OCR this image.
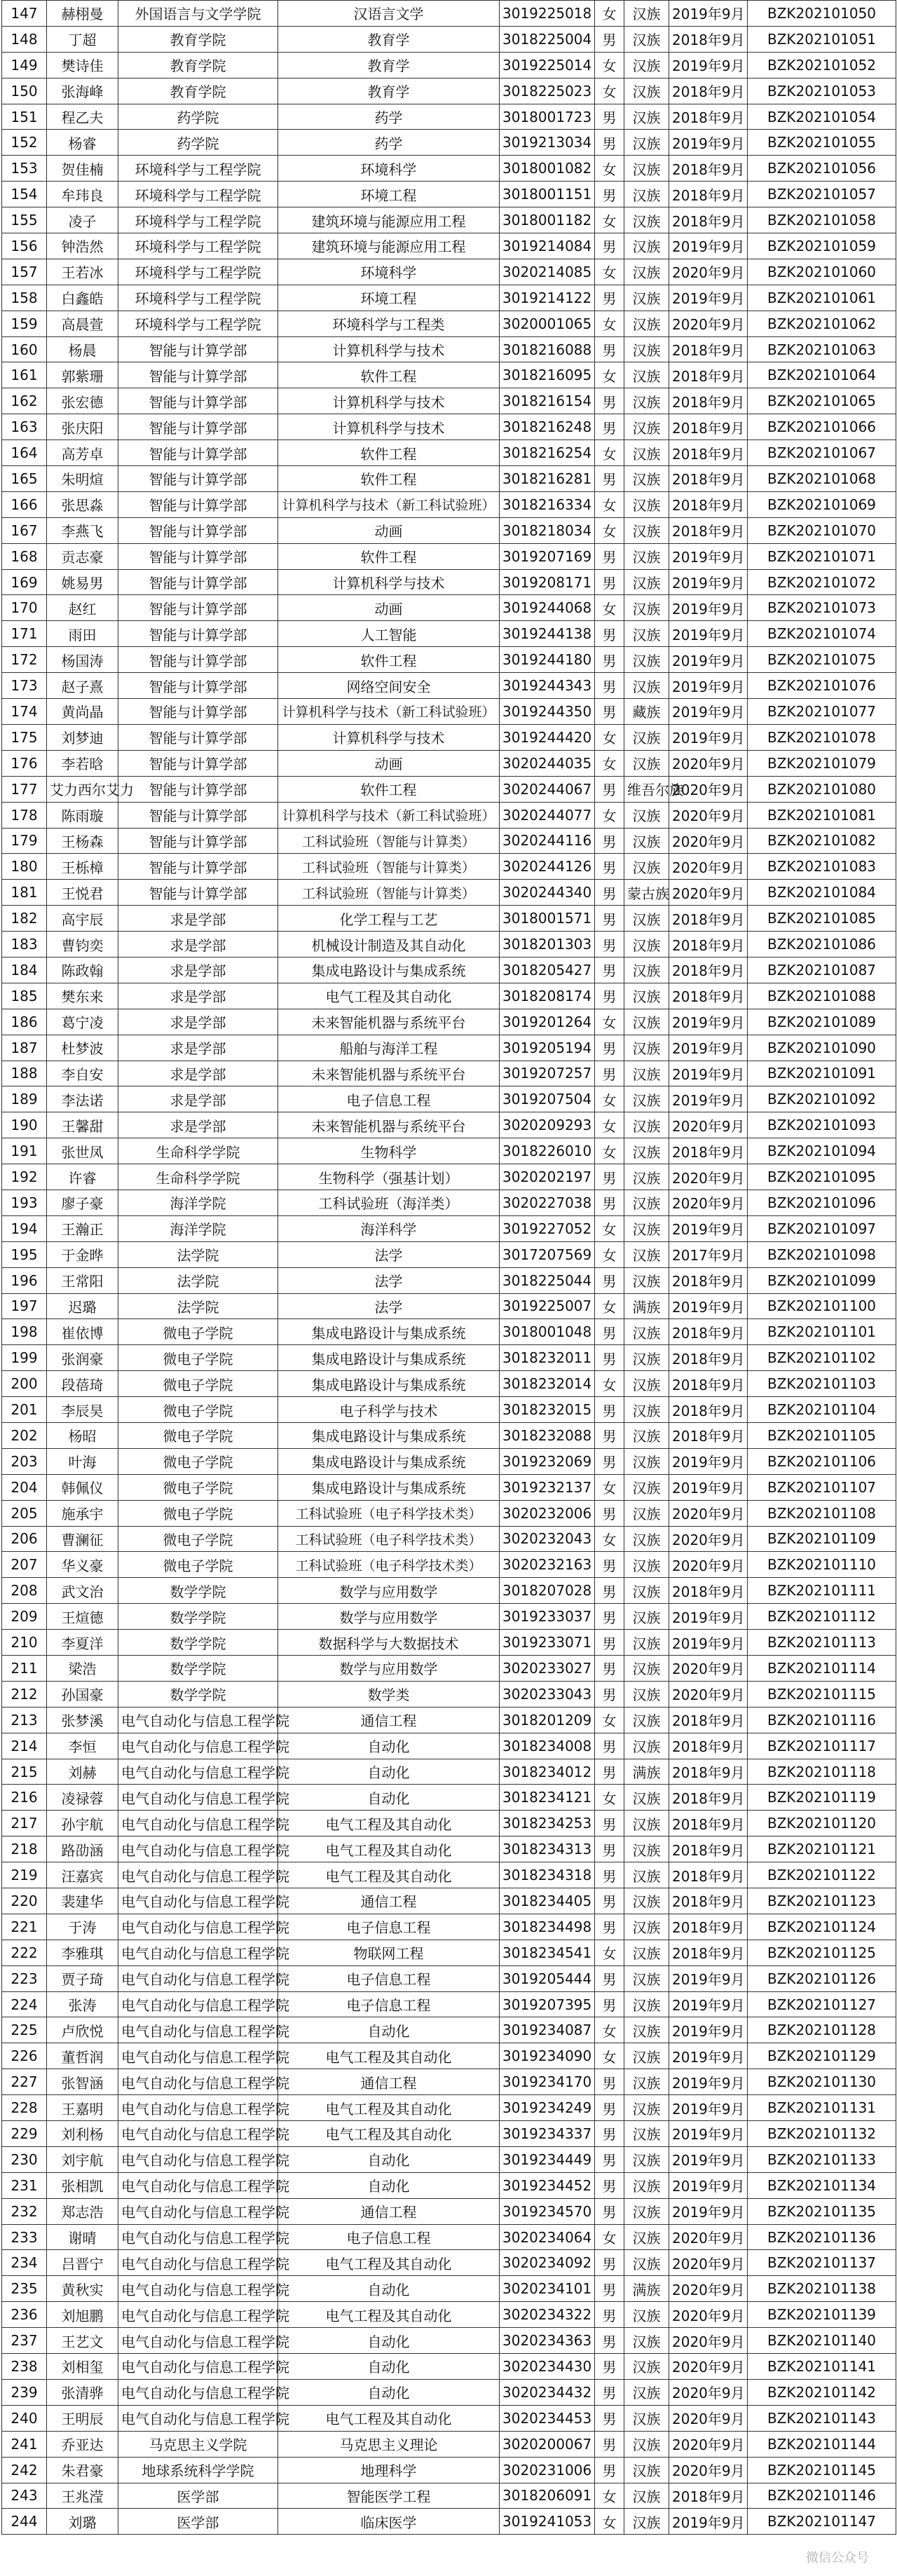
147	赫栩曼	外国语言与文学学院	汉语言文学	3019225018	女	汉族	2019年9月	BZK202101050
148	丁超	教育学院	教育学	3018225004	男	汉族	2018年9月	BZK202101051
149	樊诗佳	教育学院	教育学	3019225014	女	汉族	2019年9月	BZK202101052
150	张海峰	教育学院	教育学	3018225023	女	汉族	2018年9月	BZK202101053
151	程乙夫	药学院	药学	3018001723	男	汉族	2018年9月	BZK202101054
152	杨睿	药学院	药学	3019213034	男	汉族	2019年9月	BZK202101055
153	贺佳楠	环境科学与工程学院	环境科学	3018001082	女	汉族	2018年9月	BZK202101056
154	牟玮良	环境科学与工程学院	环境工程	3018001151	男	汉族	2018年9月	BZK202101057
155	凌子	环境科学与工程学院	建筑环境与能源应用工程	3018001182	女	汉族	2018年9月	BZK202101058
156	钟浩然	环境科学与工程学院	建筑环境与能源应用工程	3019214084	男	汉族	2019年9月	BZK202101059
157	王若冰	环境科学与工程学院	环境科学	3020214085	女	汉族	2020年9月	BZK202101060
158	白鑫皓	环境科学与工程学院	环境工程	3019214122	男	汉族	2019年9月	BZK202101061
159	高晨萱	环境科学与工程学院	环境科学与工程类	3020001065	女	汉族	2020年9月	BZK202101062
160	杨晨	智能与计算学部	计算机科学与技术	3018216088	男	汉族	2018年9月	BZK202101063
161	郭紫珊	智能与计算学部	软件工程	3018216095	女	汉族	2018年9月	BZK202101064
162	张宏德	智能与计算学部	计算机科学与技术	3018216154	男	汉族	2018年9月	BZK202101065
163	张庆阳	智能与计算学部	计算机科学与技术	3018216248	男	汉族	2018年9月	BZK202101066
164	高芳卓	智能与计算学部	软件工程	3018216254	女	汉族	2018年9月	BZK202101067
165	朱明煊	智能与计算学部	软件工程	3018216281	男	汉族	2018年9月	BZK202101068
166	张思淼	智能与计算学部	计算机科学与技术（新工科试验班）	3018216334	女	汉族	2018年9月	BZK202101069
167	李燕飞	智能与计算学部	动画	3018218034	女	汉族	2018年9月	BZK202101070
168	贡志豪	智能与计算学部	软件工程	3019207169	男	汉族	2019年9月	BZK202101071
169	姚易男	智能与计算学部	计算机科学与技术	3019208171	男	汉族	2019年9月	BZK202101072
170	赵红	智能与计算学部	动画	3019244068	女	汉族	2019年9月	BZK202101073
171	雨田	智能与计算学部	人工智能	3019244138	男	汉族	2019年9月	BZK202101074
172	杨国涛	智能与计算学部	软件工程	3019244180	男	汉族	2019年9月	BZK202101075
173	赵子熹	智能与计算学部	网络空间安全	3019244343	男	汉族	2019年9月	BZK202101076
174	黄尚晶	智能与计算学部	计算机科学与技术（新工科试验班）	3019244350	男	藏族	2019年9月	BZK202101077
175	刘梦迪	智能与计算学部	计算机科学与技术	3019244420	女	汉族	2019年9月	BZK202101078
176	李若晗	智能与计算学部	动画	3020244035	女	汉族	2020年9月	BZK202101079
177	艾力西尔艾力	智能与计算学部	软件工程	3020244067	男	维吾尔族	2020年9月	BZK202101080
178	陈雨璇	智能与计算学部	计算机科学与技术（新工科试验班）	3020244077	女	汉族	2020年9月	BZK202101081
179	王杨森	智能与计算学部	工科试验班（智能与计算类）	3020244116	男	汉族	2020年9月	BZK202101082
180	王栎樟	智能与计算学部	工科试验班（智能与计算类）	3020244126	男	汉族	2020年9月	BZK202101083
181	王悦君	智能与计算学部	工科试验班（智能与计算类）	3020244340	男	蒙古族	2020年9月	BZK202101084
182	高宇辰	求是学部	化学工程与工艺	3018001571	男	汉族	2018年9月	BZK202101085
183	曹钧奕	求是学部	机械设计制造及其自动化	3018201303	男	汉族	2018年9月	BZK202101086
184	陈政翰	求是学部	集成电路设计与集成系统	3018205427	男	汉族	2018年9月	BZK202101087
185	樊东来	求是学部	电气工程及其自动化	3018208174	男	汉族	2018年9月	BZK202101088
186	葛宁凌	求是学部	未来智能机器与系统平台	3019201264	女	汉族	2019年9月	BZK202101089
187	杜梦波	求是学部	船舶与海洋工程	3019205194	男	汉族	2019年9月	BZK202101090
188	李自安	求是学部	未来智能机器与系统平台	3019207257	男	汉族	2019年9月	BZK202101091
189	李法诺	求是学部	电子信息工程	3019207504	女	汉族	2019年9月	BZK202101092
190	王馨甜	求是学部	未来智能机器与系统平台	3020209293	女	汉族	2020年9月	BZK202101093
191	张世凤	生命科学学院	生物科学	3018226010	女	汉族	2018年9月	BZK202101094
192	许睿	生命科学学院	生物科学（强基计划）	3020202197	男	汉族	2020年9月	BZK202101095
193	廖子豪	海洋学院	工科试验班（海洋类）	3020227038	男	汉族	2020年9月	BZK202101096
194	王瀚正	海洋学院	海洋科学	3019227052	女	汉族	2019年9月	BZK202101097
195	于金晔	法学院	法学	3017207569	女	汉族	2017年9月	BZK202101098
196	王常阳	法学院	法学	3018225044	男	汉族	2018年9月	BZK202101099
197	迟璐	法学院	法学	3019225007	女	满族	2019年9月	BZK202101100
198	崔依博	微电子学院	集成电路设计与集成系统	3018001048	男	汉族	2018年9月	BZK202101101
199	张润豪	微电子学院	集成电路设计与集成系统	3018232011	男	汉族	2018年9月	BZK202101102
200	段蓓琦	微电子学院	集成电路设计与集成系统	3018232014	女	汉族	2018年9月	BZK202101103
201	李辰昊	微电子学院	电子科学与技术	3018232015	男	汉族	2018年9月	BZK202101104
202	杨昭	微电子学院	集成电路设计与集成系统	3018232088	男	汉族	2018年9月	BZK202101105
203	叶海	微电子学院	集成电路设计与集成系统	3019232069	男	汉族	2019年9月	BZK202101106
204	韩佩仪	微电子学院	集成电路设计与集成系统	3019232137	女	汉族	2019年9月	BZK202101107
205	施承宇	微电子学院	工科试验班（电子科学技术类）	3020232006	男	汉族	2020年9月	BZK202101108
206	曹澜征	微电子学院	工科试验班（电子科学技术类）	3020232043	女	汉族	2020年9月	BZK202101109
207	华义豪	微电子学院	工科试验班（电子科学技术类）	3020232163	男	汉族	2020年9月	BZK202101110
208	武文治	数学学院	数学与应用数学	3018207028	男	汉族	2018年9月	BZK202101111
209	王煊德	数学学院	数学与应用数学	3019233037	男	汉族	2019年9月	BZK202101112
210	李夏洋	数学学院	数据科学与大数据技术	3019233071	男	汉族	2019年9月	BZK202101113
211	梁浩	数学学院	数学与应用数学	3020233027	男	汉族	2020年9月	BZK202101114
212	孙国豪	数学学院	数学类	3020233043	男	汉族	2020年9月	BZK202101115
213	张梦溪	电气自动化与信息工程学院	通信工程	3018201209	女	汉族	2018年9月	BZK202101116
214	李恒	电气自动化与信息工程学院	自动化	3018234008	男	汉族	2018年9月	BZK202101117
215	刘赫	电气自动化与信息工程学院	自动化	3018234012	男	满族	2018年9月	BZK202101118
216	凌禄蓉	电气自动化与信息工程学院	自动化	3018234121	女	汉族	2018年9月	BZK202101119
217	孙宇航	电气自动化与信息工程学院	电气工程及其自动化	3018234253	男	汉族	2018年9月	BZK202101120
218	路劭涵	电气自动化与信息工程学院	电气工程及其自动化	3018234313	男	汉族	2018年9月	BZK202101121
219	汪嘉宾	电气自动化与信息工程学院	电气工程及其自动化	3018234318	男	汉族	2018年9月	BZK202101122
220	裴建华	电气自动化与信息工程学院	通信工程	3018234405	男	汉族	2018年9月	BZK202101123
221	于涛	电气自动化与信息工程学院	电子信息工程	3018234498	男	汉族	2018年9月	BZK202101124
222	李雅琪	电气自动化与信息工程学院	物联网工程	3018234541	女	汉族	2018年9月	BZK202101125
223	贾子琦	电气自动化与信息工程学院	电子信息工程	3019205444	男	汉族	2019年9月	BZK202101126
224	张涛	电气自动化与信息工程学院	电子信息工程	3019207395	男	汉族	2019年9月	BZK202101127
225	卢欣悦	电气自动化与信息工程学院	自动化	3019234087	女	汉族	2019年9月	BZK202101128
226	董哲润	电气自动化与信息工程学院	电气工程及其自动化	3019234090	女	汉族	2019年9月	BZK202101129
227	张智涵	电气自动化与信息工程学院	通信工程	3019234170	男	汉族	2019年9月	BZK202101130
228	王嘉明	电气自动化与信息工程学院	电气工程及其自动化	3019234249	男	汉族	2019年9月	BZK202101131
229	刘利杨	电气自动化与信息工程学院	电气工程及其自动化	3019234337	男	汉族	2019年9月	BZK202101132
230	刘宇航	电气自动化与信息工程学院	自动化	3019234449	男	汉族	2019年9月	BZK202101133
231	张相凯	电气自动化与信息工程学院	自动化	3019234452	男	汉族	2019年9月	BZK202101134
232	郑志浩	电气自动化与信息工程学院	通信工程	3019234570	男	汉族	2019年9月	BZK202101135
233	谢晴	电气自动化与信息工程学院	电子信息工程	3020234064	女	汉族	2020年9月	BZK202101136
234	吕晋宁	电气自动化与信息工程学院	电气工程及其自动化	3020234092	男	汉族	2020年9月	BZK202101137
235	黄秋实	电气自动化与信息工程学院	自动化	3020234101	男	满族	2020年9月	BZK202101138
236	刘旭鹏	电气自动化与信息工程学院	电气工程及其自动化	3020234322	男	汉族	2020年9月	BZK202101139
237	王艺文	电气自动化与信息工程学院	自动化	3020234363	男	汉族	2020年9月	BZK202101140
238	刘相玺	电气自动化与信息工程学院	自动化	3020234430	男	汉族	2020年9月	BZK202101141
239	张清骅	电气自动化与信息工程学院	自动化	3020234432	男	汉族	2020年9月	BZK202101142
240	王明辰	电气自动化与信息工程学院	电气工程及其自动化	3020234453	男	汉族	2020年9月	BZK202101143
241	乔亚达	马克思主义学院	马克思主义理论	3020200067	男	汉族	2020年9月	BZK202101144
242	朱君豪	地球系统科学学院	地理科学	3020231006	男	汉族	2020年9月	BZK202101145
243	王兆滢	医学部	智能医学工程	3018206091	女	汉族	2018年9月	BZK202101146
244	刘璐	医学部	临床医学	3019241053	女	汉族	2019年9月	BZK202101147
微信公众号
